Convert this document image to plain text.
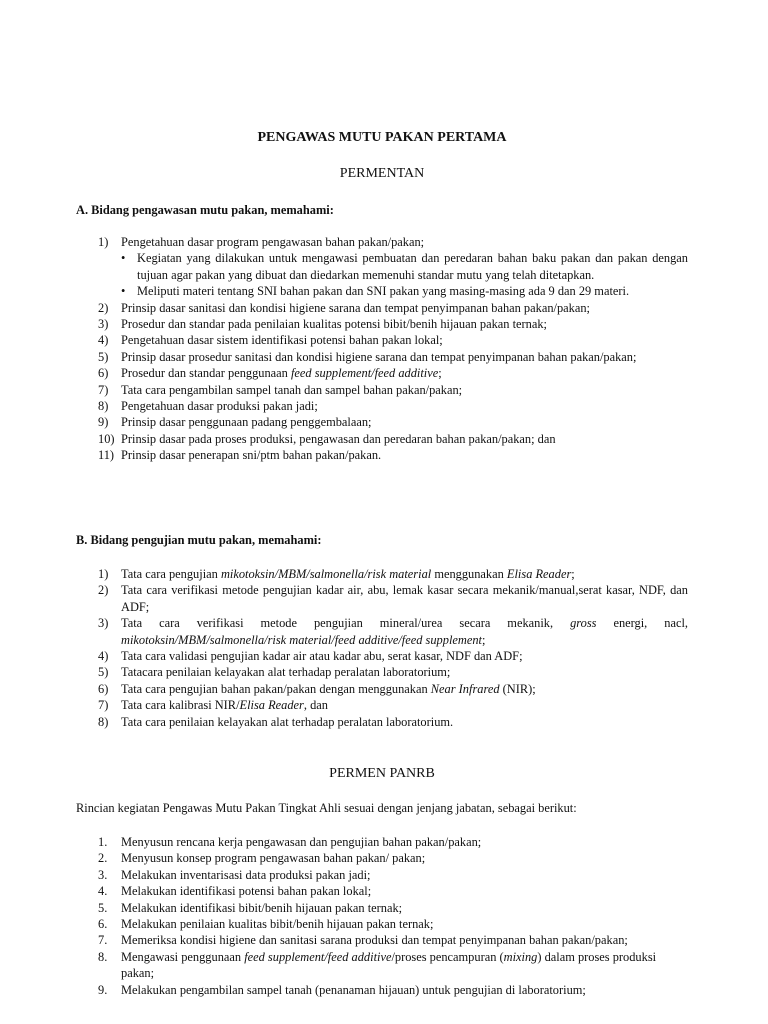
PENGAWAS MUTU PAKAN PERTAMA
PERMENTAN
A. Bidang pengawasan mutu pakan, memahami:
1) Pengetahuan dasar program pengawasan bahan pakan/pakan;
• Kegiatan yang dilakukan untuk mengawasi pembuatan dan peredaran bahan baku pakan dan pakan dengan tujuan agar pakan yang dibuat dan diedarkan memenuhi standar mutu yang telah ditetapkan.
• Meliputi materi tentang SNI bahan pakan dan SNI pakan yang masing-masing ada 9 dan 29 materi.
2) Prinsip dasar sanitasi dan kondisi higiene sarana dan tempat penyimpanan bahan pakan/pakan;
3) Prosedur dan standar pada penilaian kualitas potensi bibit/benih hijauan pakan ternak;
4) Pengetahuan dasar sistem identifikasi potensi bahan pakan lokal;
5) Prinsip dasar prosedur sanitasi dan kondisi higiene sarana dan tempat penyimpanan bahan pakan/pakan;
6) Prosedur dan standar penggunaan feed supplement/feed additive;
7) Tata cara pengambilan sampel tanah dan sampel bahan pakan/pakan;
8) Pengetahuan dasar produksi pakan jadi;
9) Prinsip dasar penggunaan padang penggembalaan;
10) Prinsip dasar pada proses produksi, pengawasan dan peredaran bahan pakan/pakan; dan
11) Prinsip dasar penerapan sni/ptm bahan pakan/pakan.
B. Bidang pengujian mutu pakan, memahami:
1) Tata cara pengujian mikotoksin/MBM/salmonella/risk material menggunakan Elisa Reader;
2) Tata cara verifikasi metode pengujian kadar air, abu, lemak kasar secara mekanik/manual,serat kasar, NDF, dan ADF;
3) Tata cara verifikasi metode pengujian mineral/urea secara mekanik, gross energi, nacl, mikotoksin/MBM/salmonella/risk material/feed additive/feed supplement;
4) Tata cara validasi pengujian kadar air atau kadar abu, serat kasar, NDF dan ADF;
5) Tatacara penilaian kelayakan alat terhadap peralatan laboratorium;
6) Tata cara pengujian bahan pakan/pakan dengan menggunakan Near Infrared (NIR);
7) Tata cara kalibrasi NIR/Elisa Reader, dan
8) Tata cara penilaian kelayakan alat terhadap peralatan laboratorium.
PERMEN PANRB
Rincian kegiatan Pengawas Mutu Pakan Tingkat Ahli sesuai dengan jenjang jabatan, sebagai berikut:
1. Menyusun rencana kerja pengawasan dan pengujian bahan pakan/pakan;
2. Menyusun konsep program pengawasan bahan pakan/ pakan;
3. Melakukan inventarisasi data produksi pakan jadi;
4. Melakukan identifikasi potensi bahan pakan lokal;
5. Melakukan identifikasi bibit/benih hijauan pakan ternak;
6. Melakukan penilaian kualitas bibit/benih hijauan pakan ternak;
7. Memeriksa kondisi higiene dan sanitasi sarana produksi dan tempat penyimpanan bahan pakan/pakan;
8. Mengawasi penggunaan feed supplement/feed additive/proses pencampuran (mixing) dalam proses produksi pakan;
9. Melakukan pengambilan sampel tanah (penanaman hijauan) untuk pengujian di laboratorium;
